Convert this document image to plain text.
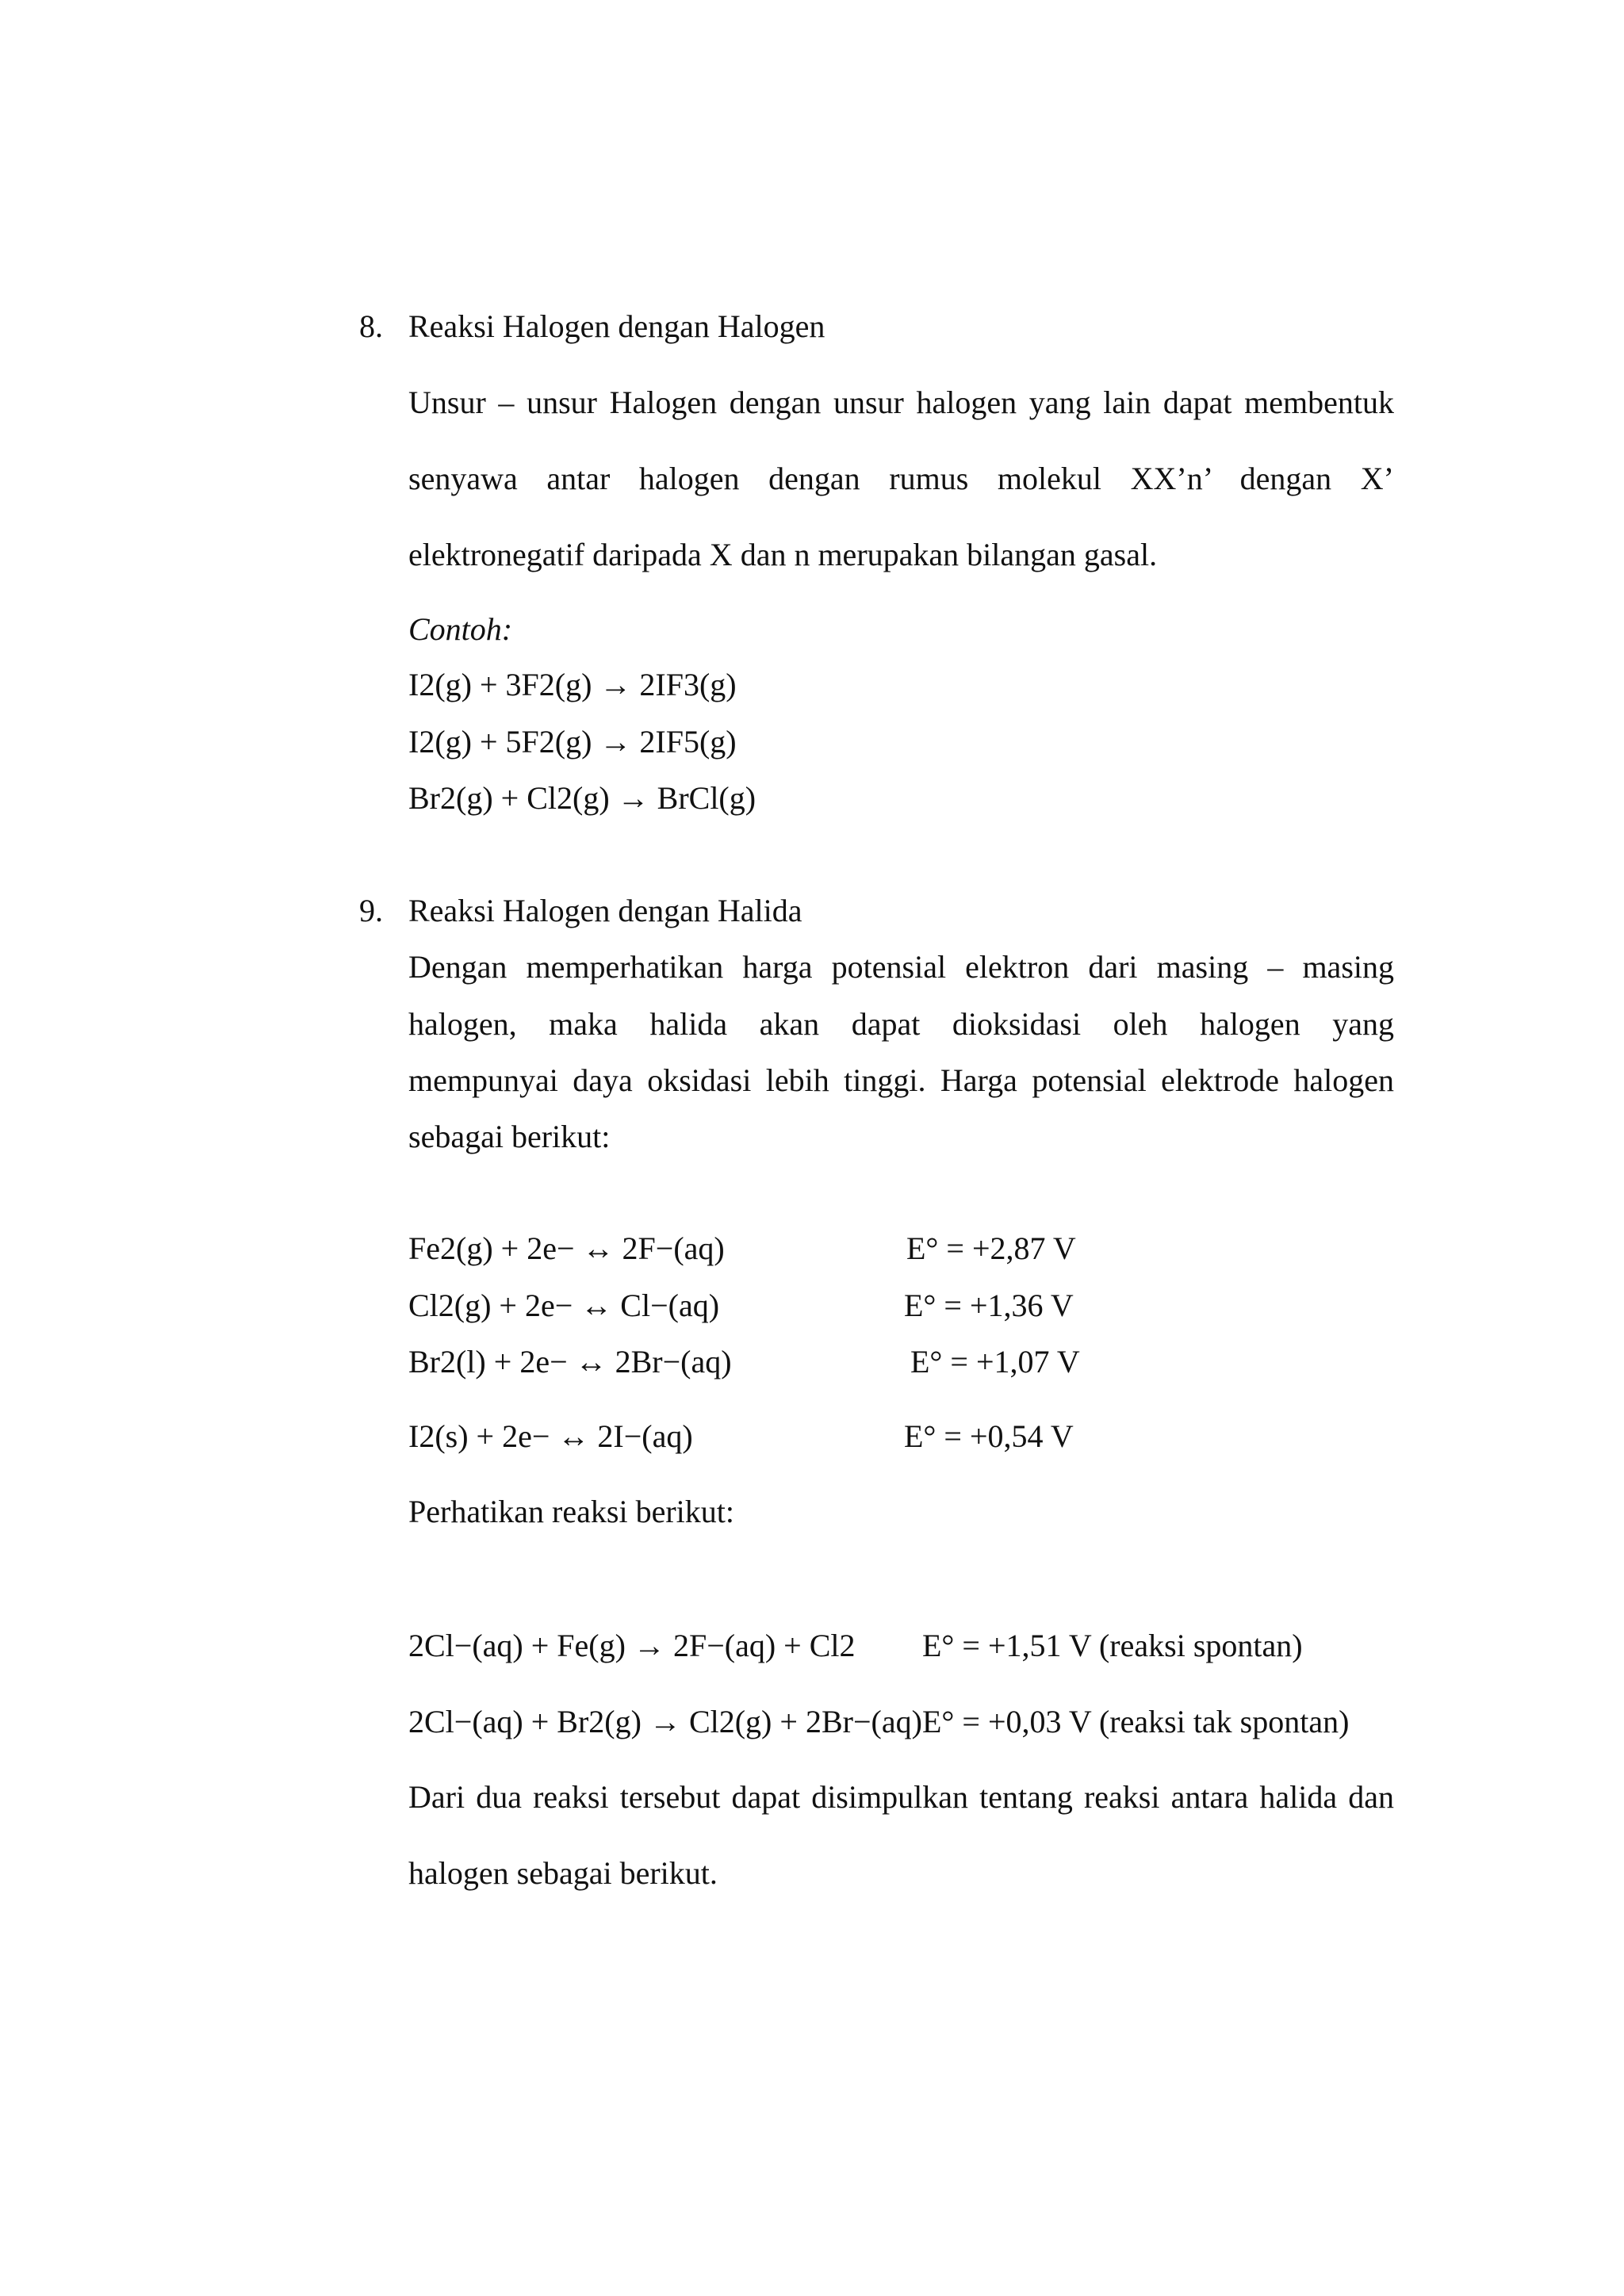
8. Reaksi Halogen dengan Halogen
Unsur – unsur Halogen dengan unsur halogen yang lain dapat membentuk
senyawa antar halogen dengan rumus molekul XX’n’ dengan X’
elektronegatif daripada X dan n merupakan bilangan gasal.
Contoh:
I2(g) + 3F2(g) → 2IF3(g)
I2(g) + 5F2(g) → 2IF5(g)
Br2(g) + Cl2(g) → BrCl(g)
9. Reaksi Halogen dengan Halida
Dengan memperhatikan harga potensial elektron dari masing – masing
halogen, maka halida akan dapat dioksidasi oleh halogen yang
mempunyai daya oksidasi lebih tinggi. Harga potensial elektrode halogen
sebagai berikut:
Fe2(g) + 2e− ↔ 2F−(aq)	E° = +2,87 V
Cl2(g) + 2e− ↔ Cl−(aq)	E° = +1,36 V
Br2(l) + 2e− ↔ 2Br−(aq)	E° = +1,07 V
I2(s) + 2e− ↔ 2I−(aq)	E° = +0,54 V
Perhatikan reaksi berikut:
2Cl−(aq) + Fe(g) → 2F−(aq) + Cl2 E° = +1,51 V (reaksi spontan)
2Cl−(aq) + Br2(g) → Cl2(g) + 2Br−(aq) E° = +0,03 V (reaksi tak spontan)
Dari dua reaksi tersebut dapat disimpulkan tentang reaksi antara halida dan
halogen sebagai berikut.
